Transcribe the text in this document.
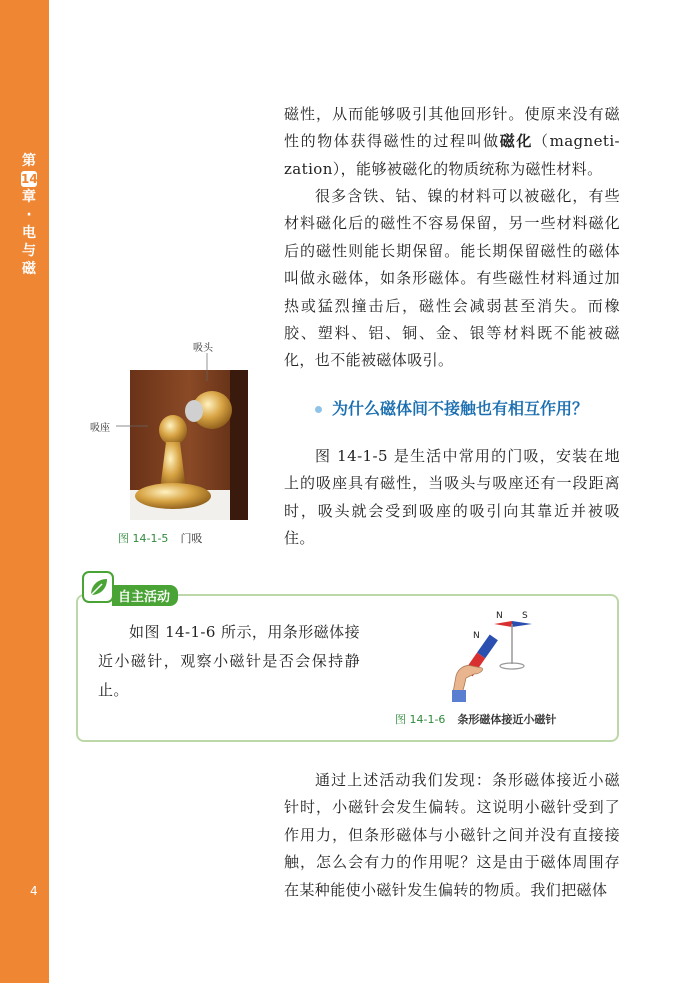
第
14
章
·
电
与
磁
4

磁性，从而能够吸引其他回形针。使原来没有磁性的物体获得磁性的过程叫做磁化（magneti-zation），能够被磁化的物质统称为磁性材料。

很多含铁、钴、镍的材料可以被磁化，有些材料磁化后的磁性不容易保留，另一些材料磁化后的磁性则能长期保留。能长期保留磁性的磁体叫做永磁体，如条形磁体。有些磁性材料通过加热或猛烈撞击后，磁性会减弱甚至消失。而橡胶、塑料、铝、铜、金、银等材料既不能被磁化，也不能被磁体吸引。

为什么磁体间不接触也有相互作用？

图 14-1-5 是生活中常用的门吸，安装在地上的吸座具有磁性，当吸头与吸座还有一段距离时，吸头就会受到吸座的吸引向其靠近并被吸住。

吸头
吸座
图 14-1-5 门吸
自主活动

如图 14-1-6 所示，用条形磁体接近小磁针，观察小磁针是否会保持静止。

N S
N
图 14-1-6 条形磁体接近小磁针

通过上述活动我们发现：条形磁体接近小磁针时，小磁针会发生偏转。这说明小磁针受到了作用力，但条形磁体与小磁针之间并没有直接接触，怎么会有力的作用呢？这是由于磁体周围存在某种能使小磁针发生偏转的物质。我们把磁体
